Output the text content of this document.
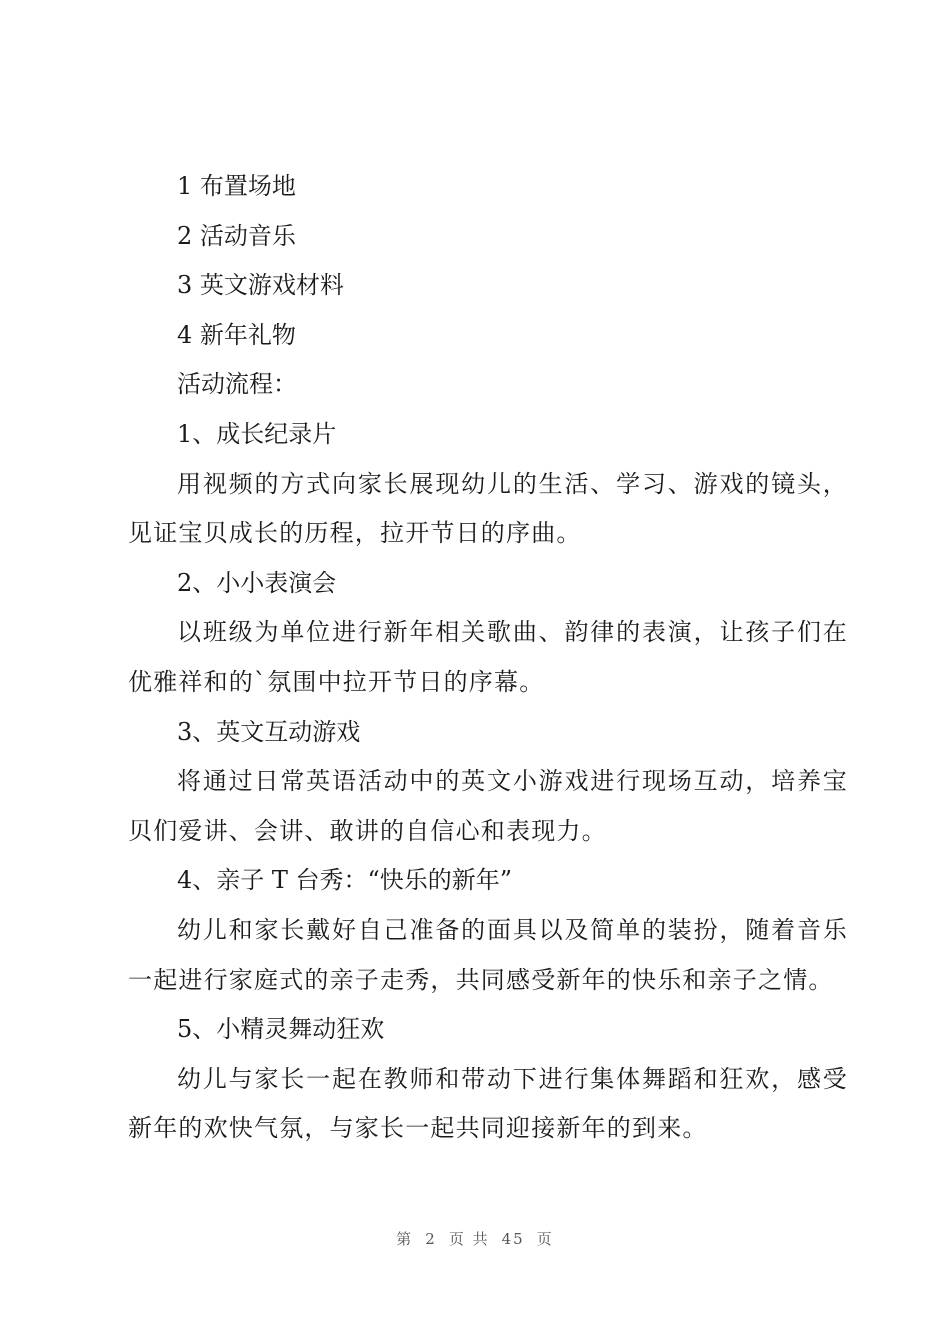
1 布置场地

2 活动音乐

3 英文游戏材料

4 新年礼物

活动流程：

1、成长纪录片

用视频的方式向家长展现幼儿的生活、学习、游戏的镜头，见证宝贝成长的历程，拉开节日的序曲。

2、小小表演会

以班级为单位进行新年相关歌曲、韵律的表演，让孩子们在优雅祥和的`氛围中拉开节日的序幕。

3、英文互动游戏

将通过日常英语活动中的英文小游戏进行现场互动，培养宝贝们爱讲、会讲、敢讲的自信心和表现力。

4、亲子 T 台秀：“快乐的新年”

幼儿和家长戴好自己准备的面具以及简单的装扮，随着音乐一起进行家庭式的亲子走秀，共同感受新年的快乐和亲子之情。

5、小精灵舞动狂欢

幼儿与家长一起在教师和带动下进行集体舞蹈和狂欢，感受新年的欢快气氛，与家长一起共同迎接新年的到来。

第 2 页 共 45 页
